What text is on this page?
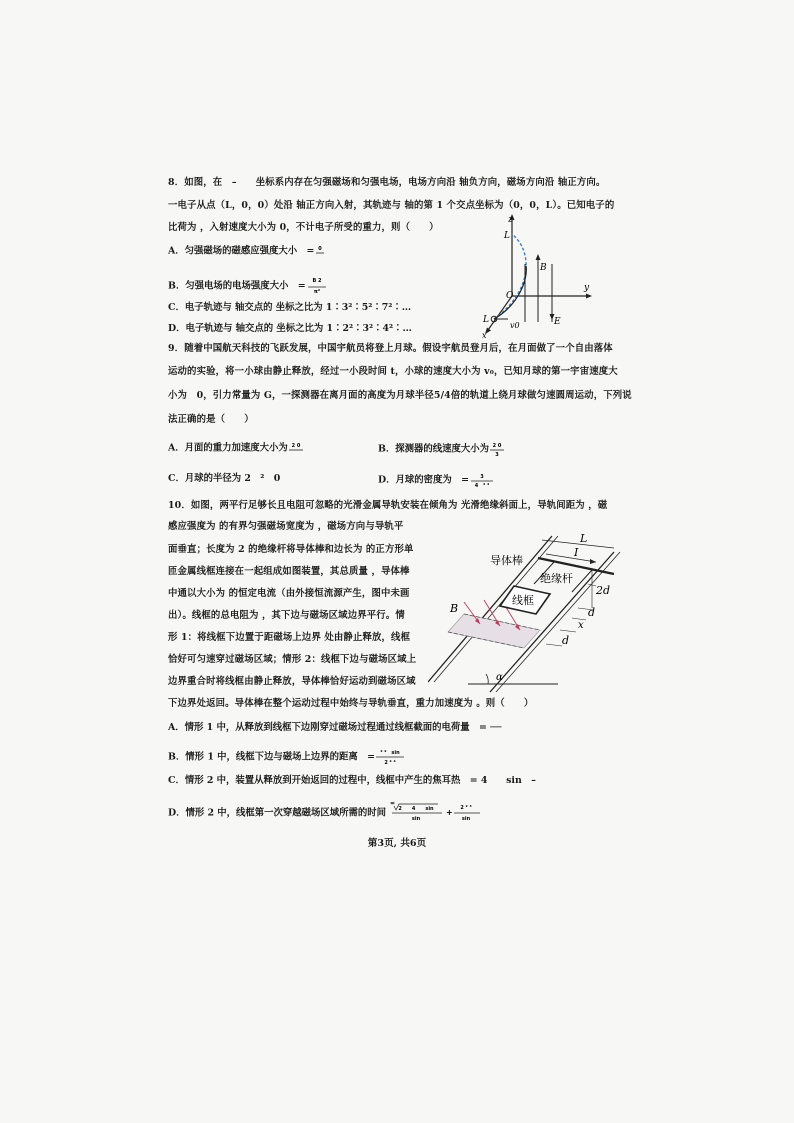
8．如图，在　–　　坐标系内存在匀强磁场和匀强电场，电场方向沿 轴负方向，磁场方向沿 轴正方向。
一电子从点（L，0，0）处沿 轴正方向入射，其轨迹与 轴的第 1 个交点坐标为（0，0，L）。已知电子的
比荷为 ，入射速度大小为 0，不计电子所受的重力，则（　　）
A．匀强磁场的磁感应强度大小　= 0
B．匀强电场的电场强度大小　= B 2
π²
C．电子轨迹与 轴交点的 坐标之比为 1∶3²∶5²∶7²∶…
D．电子轨迹与 轴交点的 坐标之比为 1∶2²∶3²∶4²∶…
z
L
B
O
y
L
v0	E
x
9．随着中国航天科技的飞跃发展，中国宇航员将登上月球。假设宇航员登月后，在月面做了一个自由落体
运动的实验，将一小球由静止释放，经过一小段时间 t，小球的速度大小为 v₀，已知月球的第一宇宙速度大
小为　0，引力常量为 G，一探测器在离月面的高度为月球半径5/4倍的轨道上绕月球做匀速圆周运动，下列说
法正确的是（　　）
A．月面的重力加速度大小为 2 0	B．探测器的线速度大小为 2 0
3
C．月球的半径为 2　²　0	D．月球的密度为　= 3
4　² ²
10．如图，两平行足够长且电阻可忽略的光滑金属导轨安装在倾角为 光滑绝缘斜面上，导轨间距为 ，磁
感应强度为 的有界匀强磁场宽度为 ，磁场方向与导轨平
面垂直；长度为 2 的绝缘杆将导体棒和边长为 的正方形单
匝金属线框连接在一起组成如图装置，其总质量 ，导体棒
中通以大小为 的恒定电流（由外接恒流源产生，图中未画
出）。线框的总电阻为 ，其下边与磁场区域边界平行。情
形 1：将线框下边置于距磁场上边界 处由静止释放，线框
恰好可匀速穿过磁场区域；情形 2：线框下边与磁场区域上
边界重合时将线框由静止释放，导体棒恰好运动到磁场区域
下边界处返回。导体棒在整个运动过程中始终与导轨垂直，重力加速度为 。则（　　）
A．情形 1 中，从释放到线框下边刚穿过磁场过程通过线框截面的电荷量　= ──
B．情形 1 中，线框下边与磁场上边界的距离　= ² ²　sin
2 ⁴ ⁴
C．情形 2 中，装置从释放到开始返回的过程中，线框中产生的焦耳热　= 4　　sin　–
D．情形 2 中，线框第一次穿越磁场区域所需的时间
=
2　　4　　sin
sin
+ 2 ² ³
sin
导体棒
绝缘杆
线框
L
I
2d
d
x
d
B
α
第3页, 共6页
